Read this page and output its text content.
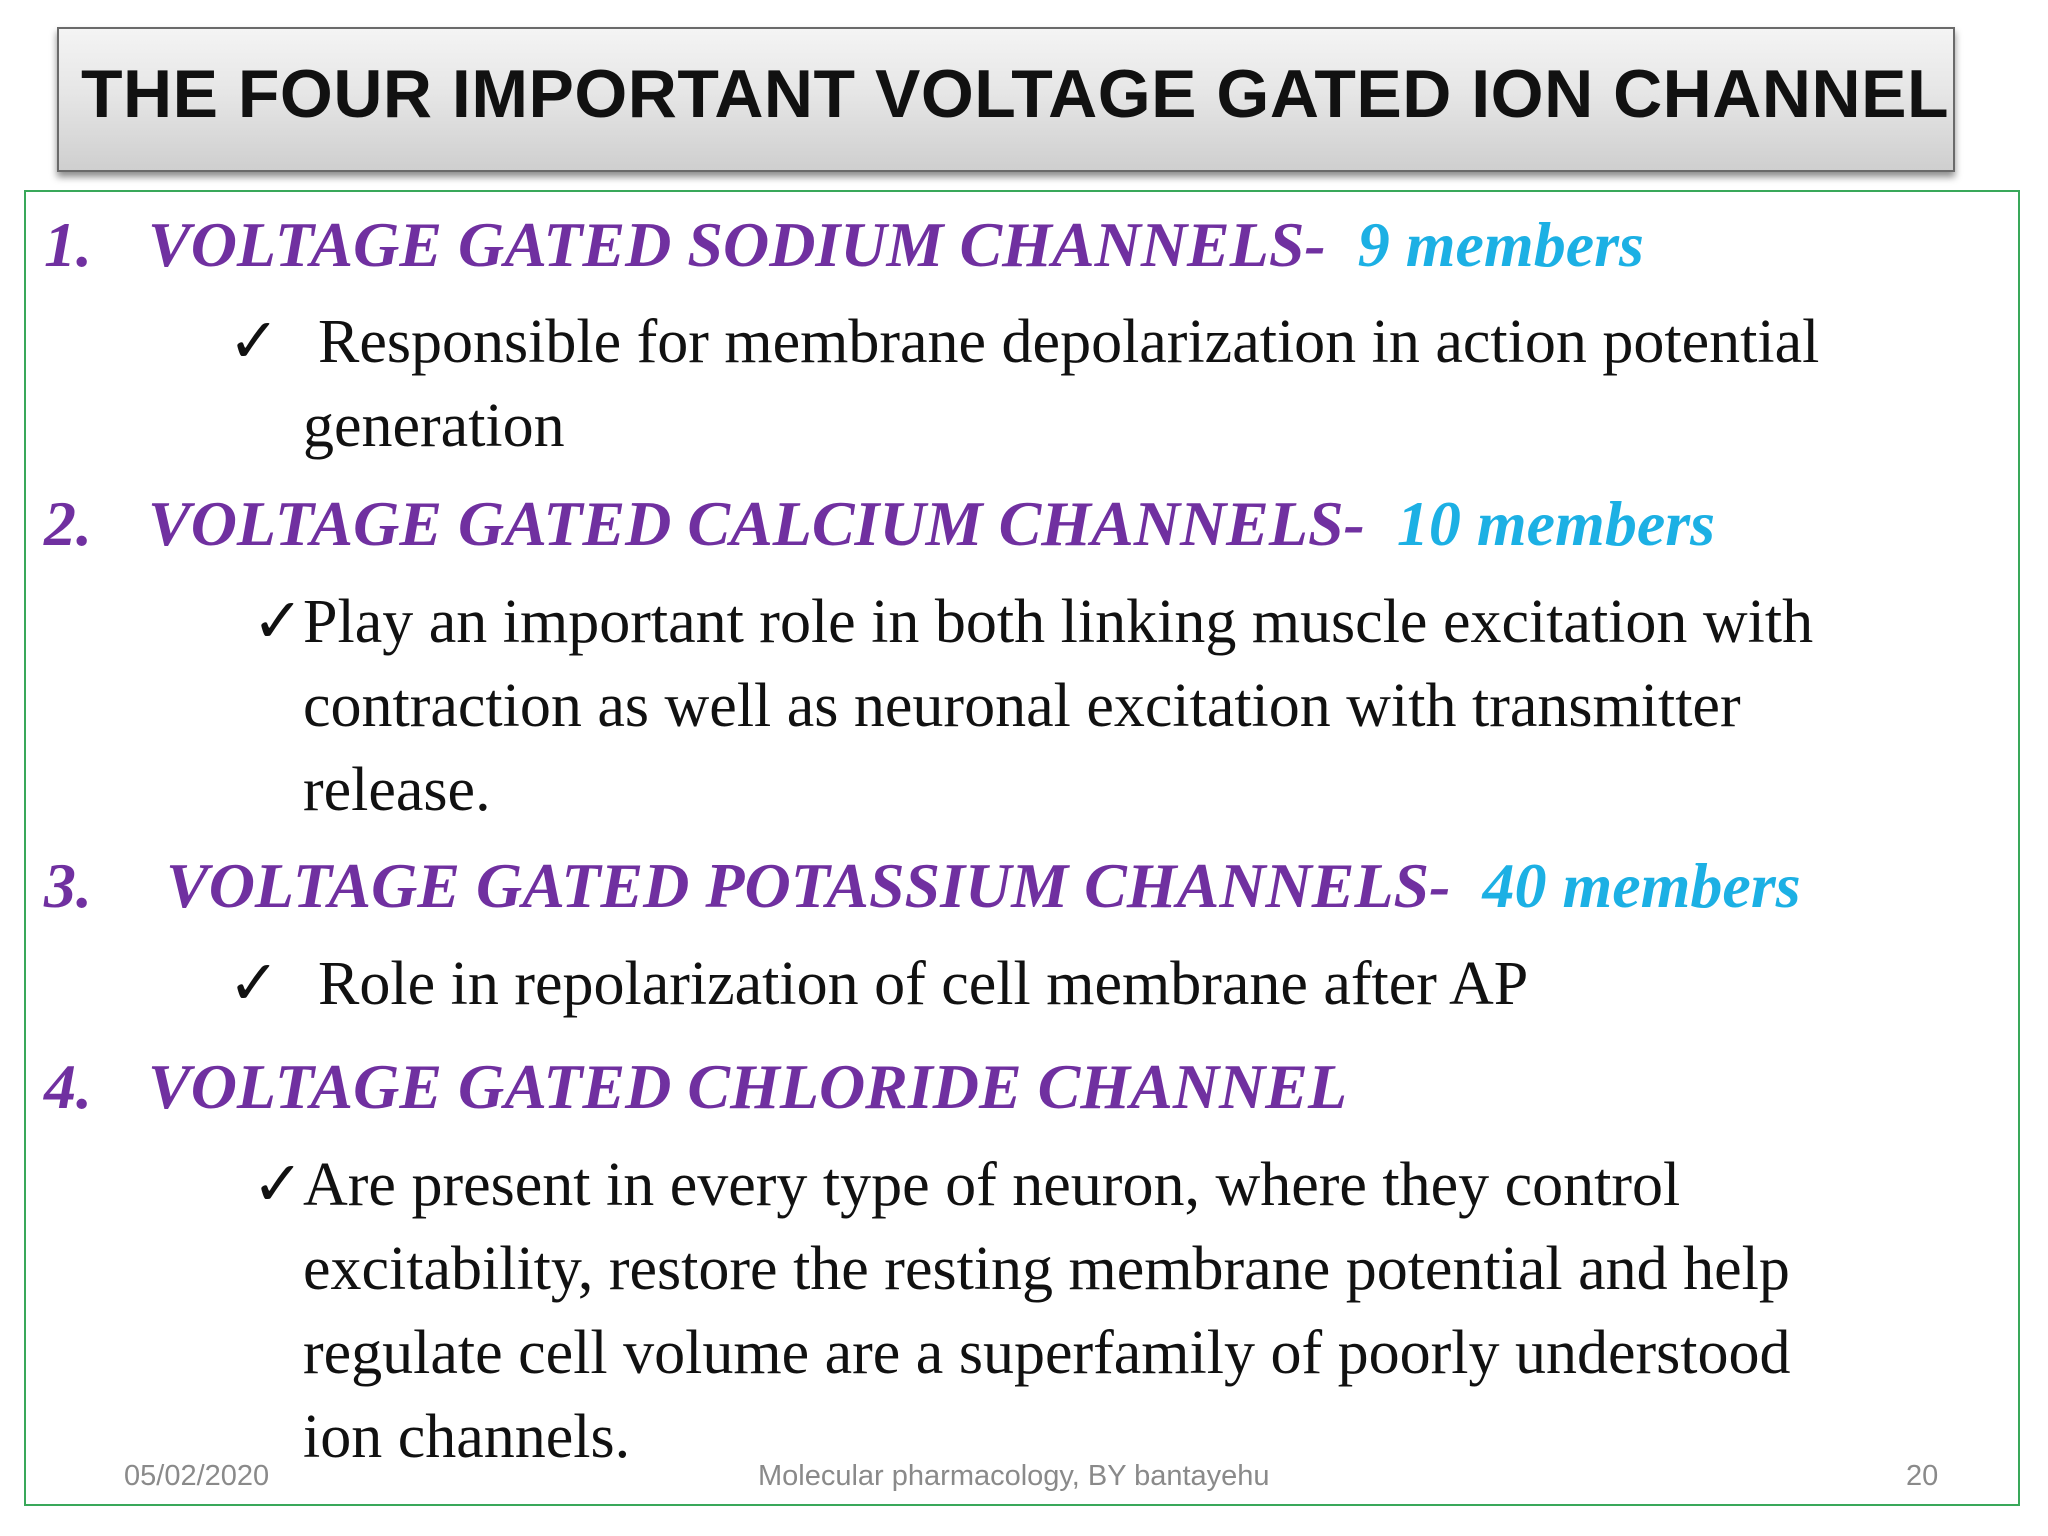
THE FOUR IMPORTANT VOLTAGE GATED ION CHANNEL
1. VOLTAGE GATED SODIUM CHANNELS- 9 members
✓ Responsible for membrane depolarization in action potential
generation
2. VOLTAGE GATED CALCIUM CHANNELS- 10 members
✓Play an important role in both linking muscle excitation with
contraction as well as neuronal excitation with transmitter
release.
3. VOLTAGE GATED POTASSIUM CHANNELS- 40 members
✓ Role in repolarization of cell membrane after AP
4. VOLTAGE GATED CHLORIDE CHANNEL
✓Are present in every type of neuron, where they control
excitability, restore the resting membrane potential and help
regulate cell volume are a superfamily of poorly understood
ion channels.
05/02/2020	Molecular pharmacology, BY bantayehu	20
